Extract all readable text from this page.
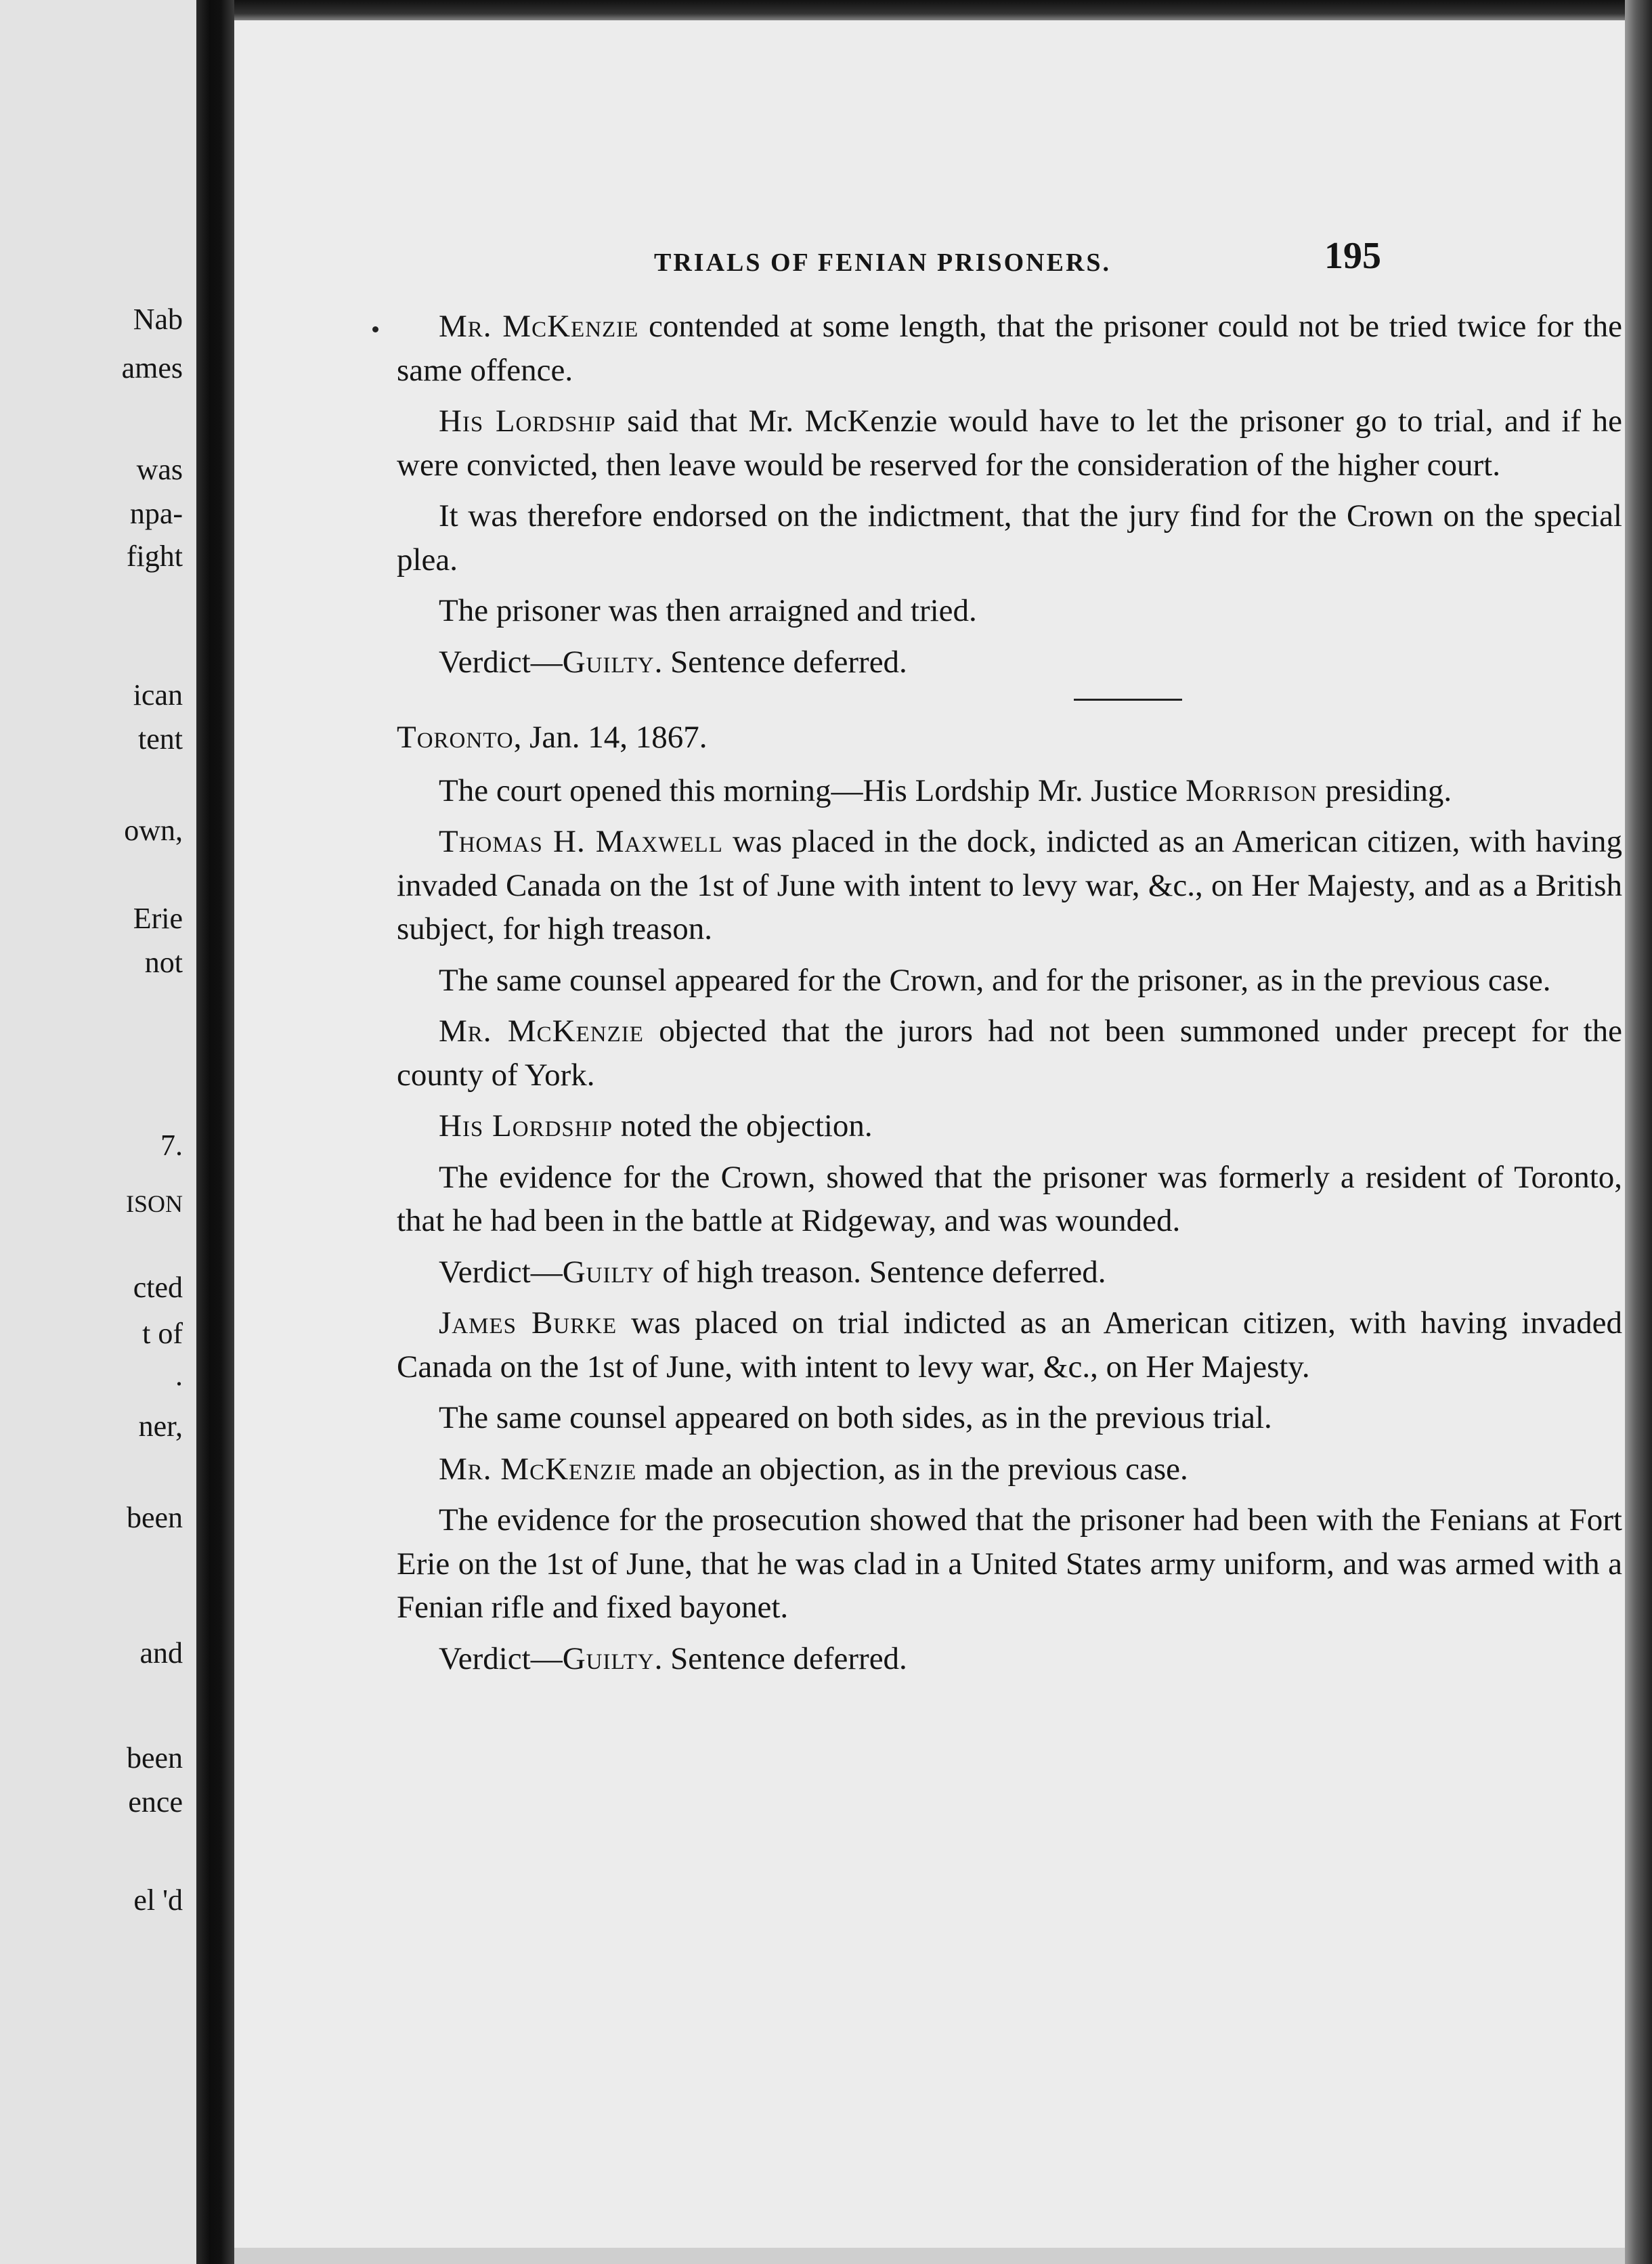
Nab
ames
was
npa-
fight
ican
tent
own,
Erie
not
7.
ISON
cted
t of
.
ner,
been
and
been
ence
el 'd
TRIALS OF FENIAN PRISONERS.	195

Mr. McKenzie contended at some length, that the prisoner could not be tried twice for the same offence.

His Lordship said that Mr. McKenzie would have to let the prisoner go to trial, and if he were convicted, then leave would be reserved for the consideration of the higher court.

It was therefore endorsed on the indictment, that the jury find for the Crown on the special plea.

The prisoner was then arraigned and tried.

Verdict—Guilty. Sentence deferred.

Toronto, Jan. 14, 1867.

The court opened this morning—His Lordship Mr. Justice Morrison presiding.

Thomas H. Maxwell was placed in the dock, indicted as an American citizen, with having invaded Canada on the 1st of June with intent to levy war, &c., on Her Majesty, and as a British subject, for high treason.

The same counsel appeared for the Crown, and for the prisoner, as in the previous case.

Mr. McKenzie objected that the jurors had not been summoned under precept for the county of York.

His Lordship noted the objection.

The evidence for the Crown, showed that the prisoner was formerly a resident of Toronto, that he had been in the battle at Ridgeway, and was wounded.

Verdict—Guilty of high treason. Sentence deferred.

James Burke was placed on trial indicted as an American citizen, with having invaded Canada on the 1st of June, with intent to levy war, &c., on Her Majesty.

The same counsel appeared on both sides, as in the previous trial.

Mr. McKenzie made an objection, as in the previous case.

The evidence for the prosecution showed that the prisoner had been with the Fenians at Fort Erie on the 1st of June, that he was clad in a United States army uniform, and was armed with a Fenian rifle and fixed bayonet.

Verdict—Guilty. Sentence deferred.
